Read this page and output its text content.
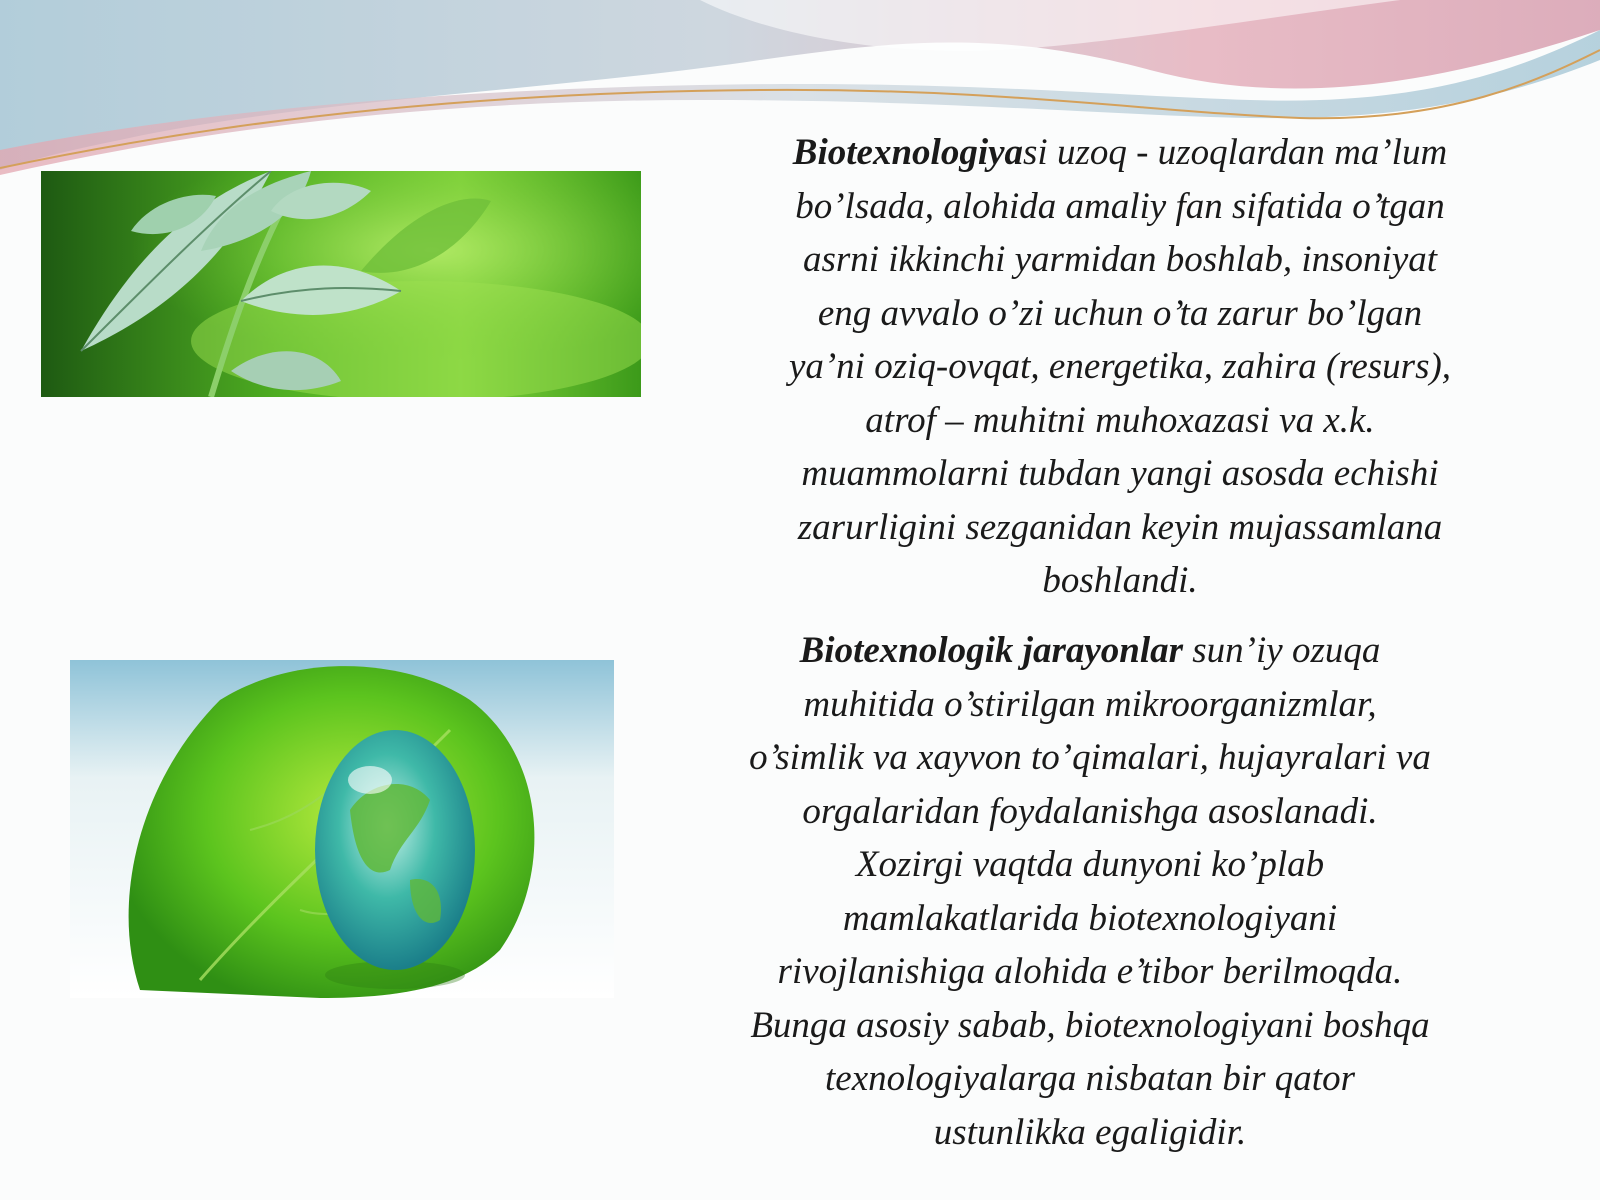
Biotexnologiyasi uzoq - uzoqlardan ma’lum
bo’lsada, alohida amaliy fan sifatida o’tgan
asrni ikkinchi yarmidan boshlab, insoniyat
eng avvalo o’zi uchun o’ta zarur bo’lgan
ya’ni oziq-ovqat, energetika, zahira (resurs),
atrof – muhitni muhoxazasi va x.k.
muammolarni tubdan yangi asosda echishi
zarurligini sezganidan keyin mujassamlana
boshlandi.

Biotexnologik jarayonlar sun’iy ozuqa
muhitida o’stirilgan mikroorganizmlar,
o’simlik va xayvon to’qimalari, hujayralari va
orgalaridan foydalanishga asoslanadi.
Xozirgi vaqtda dunyoni ko’plab
mamlakatlarida biotexnologiyani
rivojlanishiga alohida e’tibor berilmoqda.
Bunga asosiy sabab, biotexnologiyani boshqa
texnologiyalarga nisbatan bir qator
ustunlikka egaligidir.
